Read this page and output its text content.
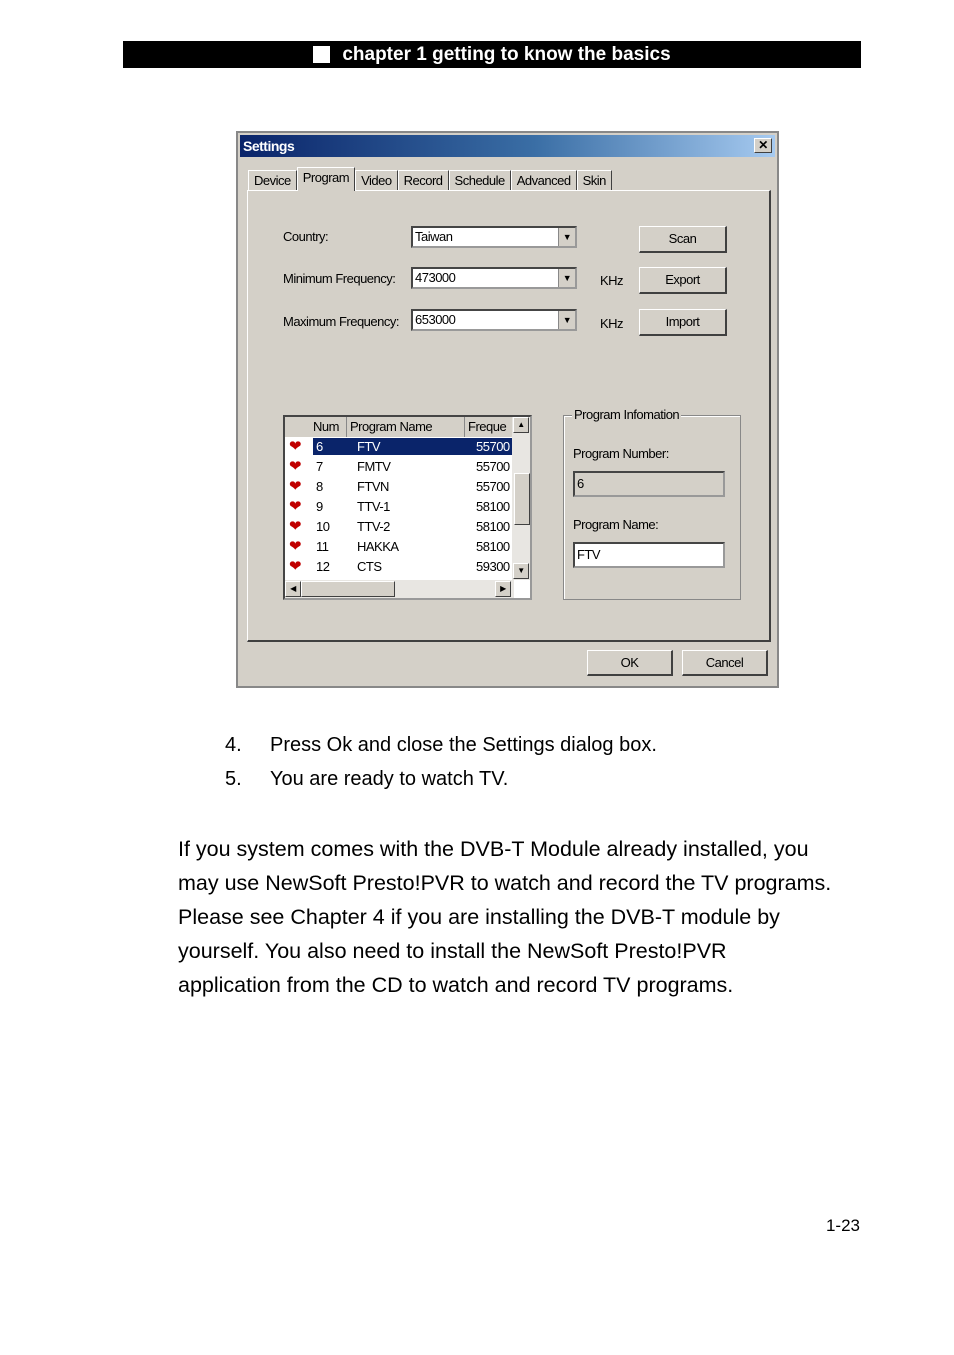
chapter 1 getting to know the basics
Settings	✕
Device Program Video Record Schedule Advanced Skin
Country:	Taiwan	▼	Scan
Minimum Frequency:	473000	▼ KHz	Export
Maximum Frequency:	653000	▼ KHz	Import
Num Program Name	Freque
❤ 6	FTV	55700
❤ 7	FMTV	55700
❤ 8	FTVN	55700
❤ 9	TTV-1	58100
❤ 10 TTV-2	58100
❤ 11 HAKKA	58100
❤ 12 CTS	59300
▲
▼
◀	▶
Program Infomation
Program Number:
6
Program Name:
FTV
OK	Cancel
4. Press Ok and close the Settings dialog box.
5. You are ready to watch TV.
If you system comes with the DVB-T Module already installed, you
may use NewSoft Presto!PVR to watch and record the TV programs.
Please see Chapter 4 if you are installing the DVB-T module by
yourself. You also need to install the NewSoft Presto!PVR
application from the CD to watch and record TV programs.
1-23
